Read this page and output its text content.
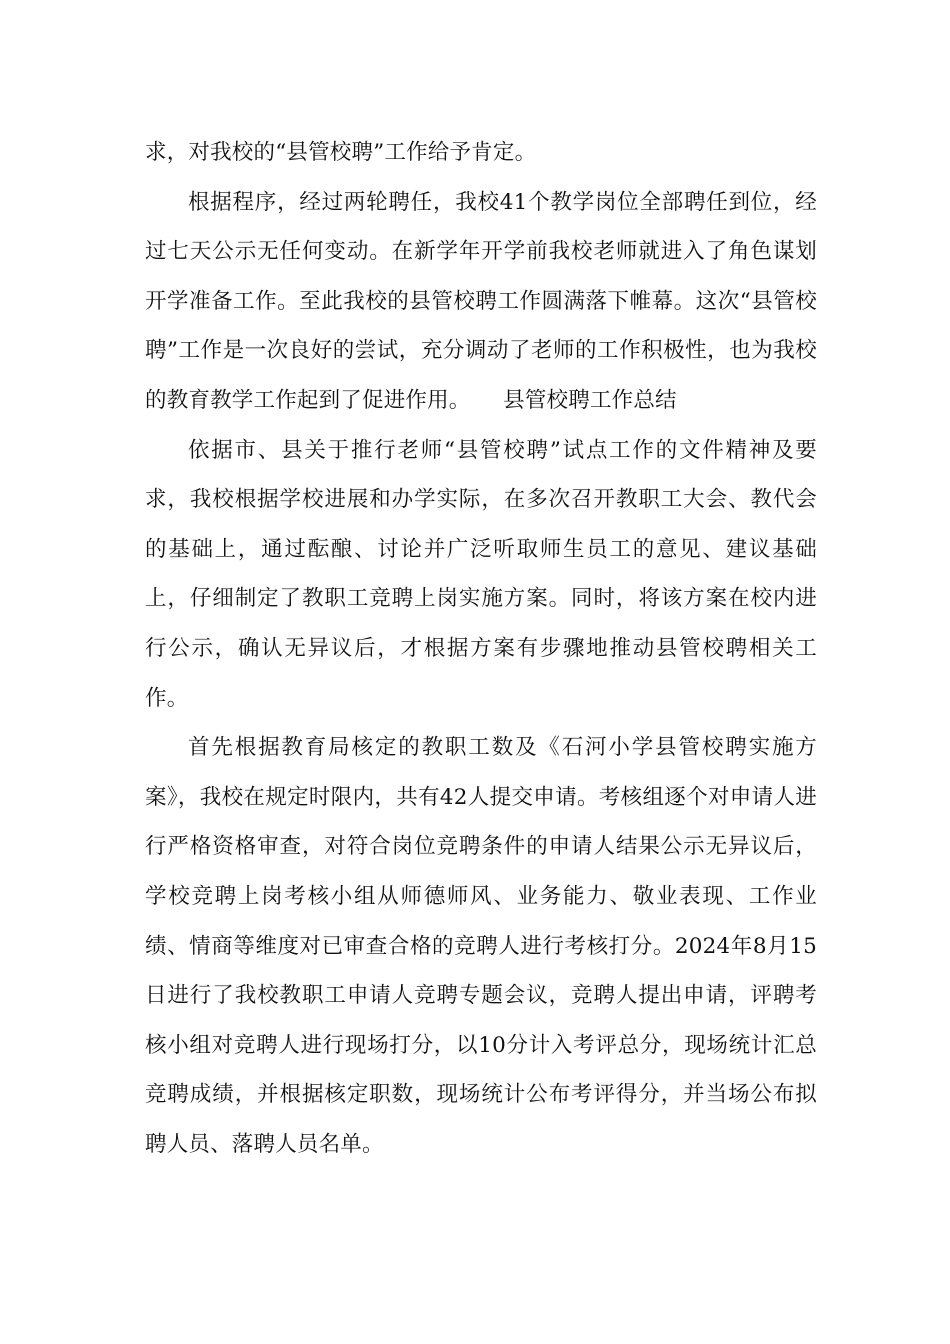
求，对我校的“县管校聘”工作给予肯定。

根据程序，经过两轮聘任，我校41个教学岗位全部聘任到位，经过七天公示无任何变动。在新学年开学前我校老师就进入了角色谋划开学准备工作。至此我校的县管校聘工作圆满落下帷幕。这次“县管校聘”工作是一次良好的尝试，充分调动了老师的工作积极性，也为我校的教育教学工作起到了促进作用。　　县管校聘工作总结

依据市、县关于推行老师“县管校聘”试点工作的文件精神及要求，我校根据学校进展和办学实际，在多次召开教职工大会、教代会的基础上，通过酝酿、讨论并广泛听取师生员工的意见、建议基础上，仔细制定了教职工竞聘上岗实施方案。同时，将该方案在校内进行公示，确认无异议后，才根据方案有步骤地推动县管校聘相关工作。

首先根据教育局核定的教职工数及《石河小学县管校聘实施方案》，我校在规定时限内，共有42人提交申请。考核组逐个对申请人进行严格资格审查，对符合岗位竞聘条件的申请人结果公示无异议后，学校竞聘上岗考核小组从师德师风、业务能力、敬业表现、工作业绩、情商等维度对已审查合格的竞聘人进行考核打分。2024年8月15日进行了我校教职工申请人竞聘专题会议，竞聘人提出申请，评聘考核小组对竞聘人进行现场打分，以10分计入考评总分，现场统计汇总竞聘成绩，并根据核定职数，现场统计公布考评得分，并当场公布拟聘人员、落聘人员名单。
